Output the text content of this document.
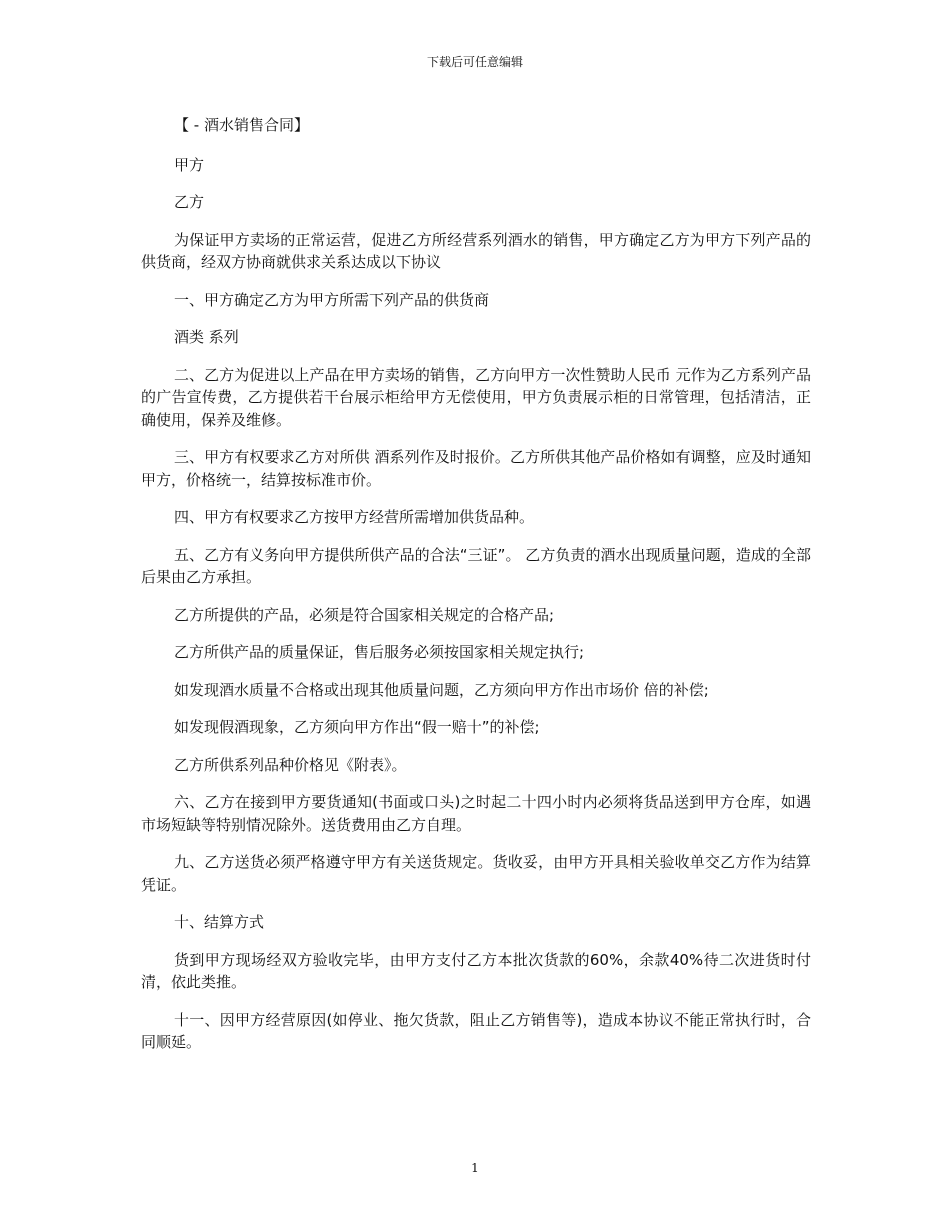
下载后可任意编辑

【 - 酒水销售合同】

甲方

乙方

为保证甲方卖场的正常运营，促进乙方所经营系列酒水的销售，甲方确定乙方为甲方下列产品的供货商，经双方协商就供求关系达成以下协议

一、甲方确定乙方为甲方所需下列产品的供货商

酒类 系列

二、乙方为促进以上产品在甲方卖场的销售，乙方向甲方一次性赞助人民币 元作为乙方系列产品的广告宣传费，乙方提供若干台展示柜给甲方无偿使用，甲方负责展示柜的日常管理，包括清洁，正确使用，保养及维修。

三、甲方有权要求乙方对所供 酒系列作及时报价。乙方所供其他产品价格如有调整，应及时通知甲方，价格统一，结算按标准市价。

四、甲方有权要求乙方按甲方经营所需增加供货品种。

五、乙方有义务向甲方提供所供产品的合法“三证”。 乙方负责的酒水出现质量问题，造成的全部后果由乙方承担。

乙方所提供的产品，必须是符合国家相关规定的合格产品;

乙方所供产品的质量保证，售后服务必须按国家相关规定执行;

如发现酒水质量不合格或出现其他质量问题，乙方须向甲方作出市场价 倍的补偿;

如发现假酒现象，乙方须向甲方作出“假一赔十”的补偿;

乙方所供系列品种价格见《附表》。

六、乙方在接到甲方要货通知(书面或口头)之时起二十四小时内必须将货品送到甲方仓库，如遇市场短缺等特别情况除外。送货费用由乙方自理。

九、乙方送货必须严格遵守甲方有关送货规定。货收妥，由甲方开具相关验收单交乙方作为结算凭证。

十、结算方式

货到甲方现场经双方验收完毕，由甲方支付乙方本批次货款的60%，余款40%待二次进货时付清，依此类推。

十一、因甲方经营原因(如停业、拖欠货款，阻止乙方销售等)，造成本协议不能正常执行时，合同顺延。

1
